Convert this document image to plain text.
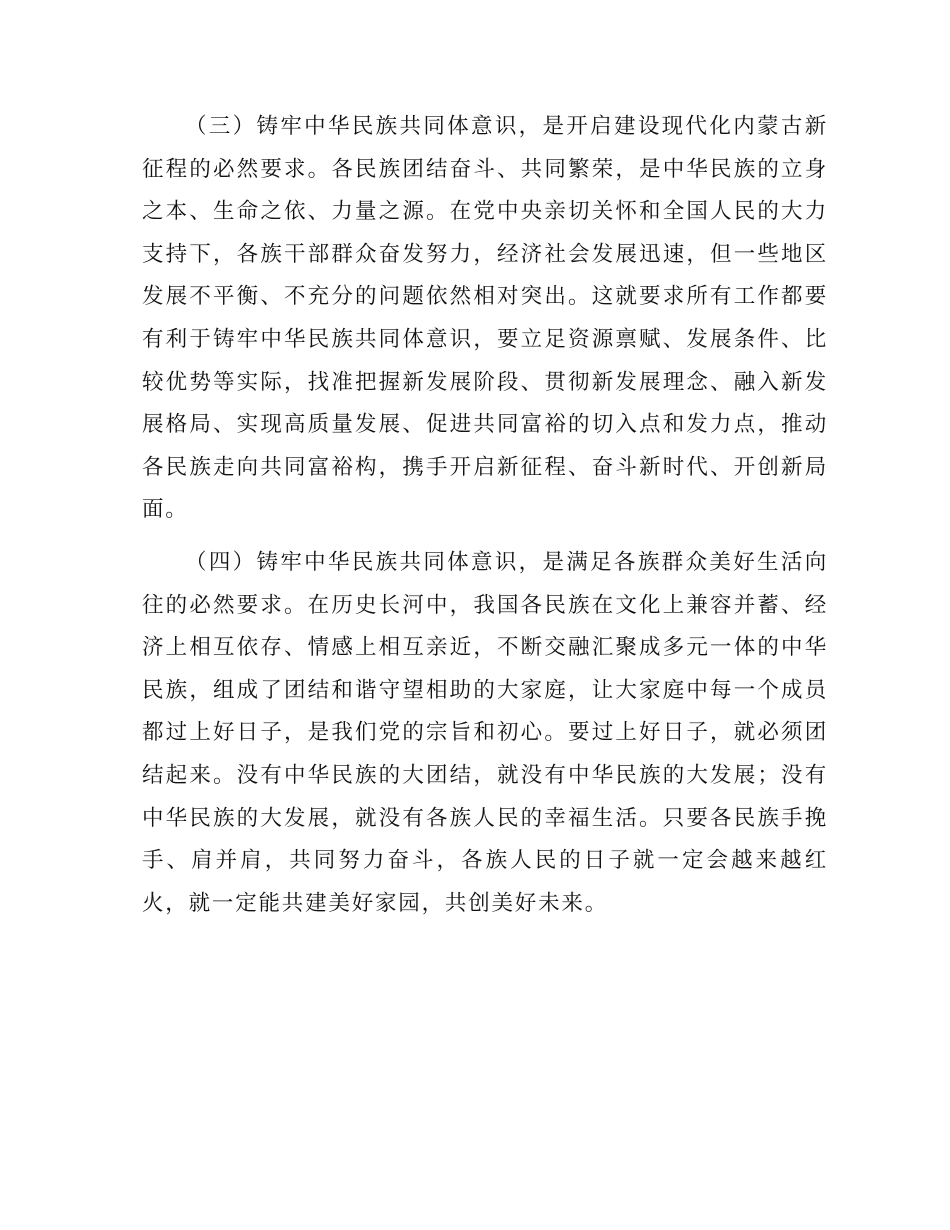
（三）铸牢中华民族共同体意识，是开启建设现代化内蒙古新征程的必然要求。各民族团结奋斗、共同繁荣，是中华民族的立身之本、生命之依、力量之源。在党中央亲切关怀和全国人民的大力支持下，各族干部群众奋发努力，经济社会发展迅速，但一些地区发展不平衡、不充分的问题依然相对突出。这就要求所有工作都要有利于铸牢中华民族共同体意识，要立足资源禀赋、发展条件、比较优势等实际，找准把握新发展阶段、贯彻新发展理念、融入新发展格局、实现高质量发展、促进共同富裕的切入点和发力点，推动各民族走向共同富裕构，携手开启新征程、奋斗新时代、开创新局面。

（四）铸牢中华民族共同体意识，是满足各族群众美好生活向往的必然要求。在历史长河中，我国各民族在文化上兼容并蓄、经济上相互依存、情感上相互亲近，不断交融汇聚成多元一体的中华民族，组成了团结和谐守望相助的大家庭，让大家庭中每一个成员都过上好日子，是我们党的宗旨和初心。要过上好日子，就必须团结起来。没有中华民族的大团结，就没有中华民族的大发展；没有中华民族的大发展，就没有各族人民的幸福生活。只要各民族手挽手、肩并肩，共同努力奋斗，各族人民的日子就一定会越来越红火，就一定能共建美好家园，共创美好未来。
